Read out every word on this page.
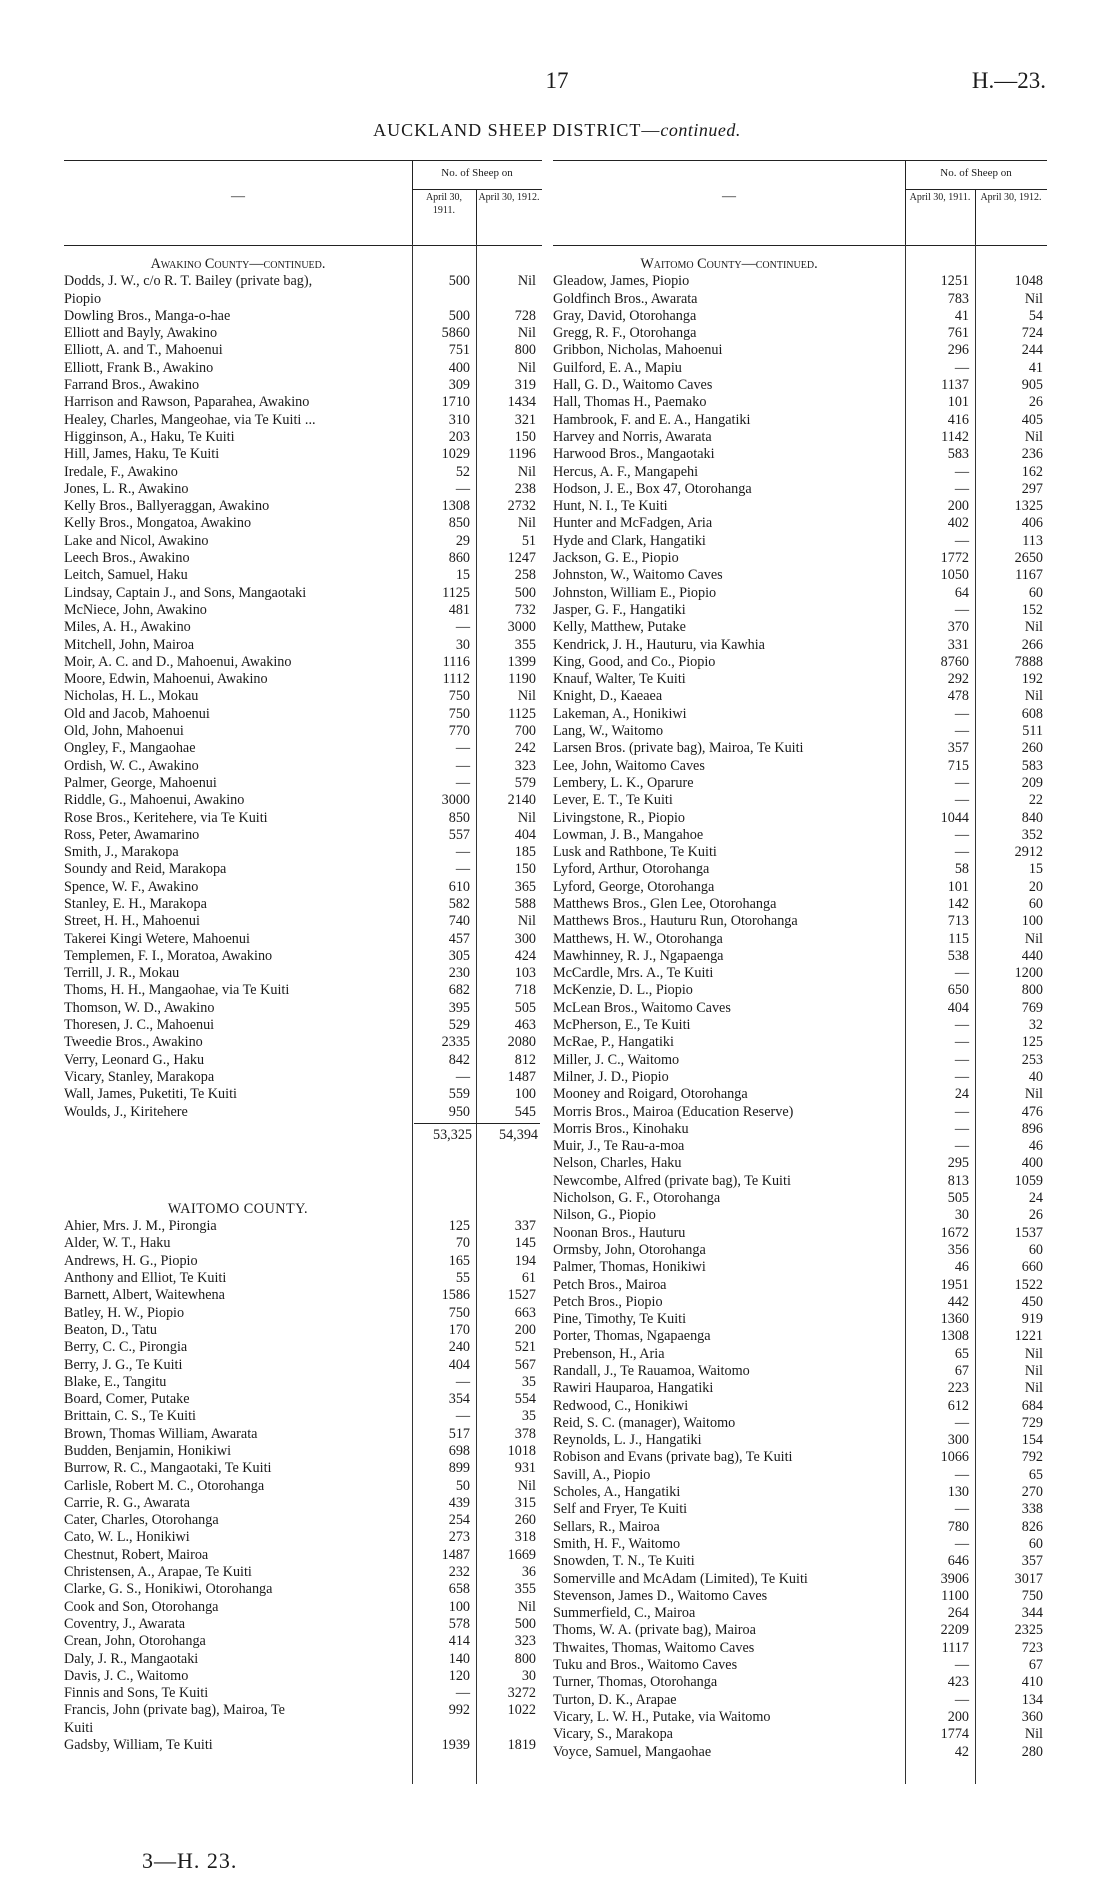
17	H.—23.
AUCKLAND SHEEP DISTRICT—continued.
—
No. of Sheep on
April 30, 1911.
April 30, 1912.
Awakino County—continued.
Dodds, J. W., c/o R. T. Bailey (private bag),	500	Nil
Piopio
Dowling Bros., Manga-o-hae	500	728
Elliott and Bayly, Awakino	5860	Nil
Elliott, A. and T., Mahoenui	751	800
Elliott, Frank B., Awakino	400	Nil
Farrand Bros., Awakino	309	319
Harrison and Rawson, Paparahea, Awakino	1710	1434
Healey, Charles, Mangeohae, via Te Kuiti ...	310	321
Higginson, A., Haku, Te Kuiti	203	150
Hill, James, Haku, Te Kuiti	1029	1196
Iredale, F., Awakino	52	Nil
Jones, L. R., Awakino	—	238
Kelly Bros., Ballyeraggan, Awakino	1308	2732
Kelly Bros., Mongatoa, Awakino	850	Nil
Lake and Nicol, Awakino	29	51
Leech Bros., Awakino	860	1247
Leitch, Samuel, Haku	15	258
Lindsay, Captain J., and Sons, Mangaotaki	1125	500
McNiece, John, Awakino	481	732
Miles, A. H., Awakino	—	3000
Mitchell, John, Mairoa	30	355
Moir, A. C. and D., Mahoenui, Awakino	1116	1399
Moore, Edwin, Mahoenui, Awakino	1112	1190
Nicholas, H. L., Mokau	750	Nil
Old and Jacob, Mahoenui	750	1125
Old, John, Mahoenui	770	700
Ongley, F., Mangaohae	—	242
Ordish, W. C., Awakino	—	323
Palmer, George, Mahoenui	—	579
Riddle, G., Mahoenui, Awakino	3000	2140
Rose Bros., Keritehere, via Te Kuiti	850	Nil
Ross, Peter, Awamarino	557	404
Smith, J., Marakopa	—	185
Soundy and Reid, Marakopa	—	150
Spence, W. F., Awakino	610	365
Stanley, E. H., Marakopa	582	588
Street, H. H., Mahoenui	740	Nil
Takerei Kingi Wetere, Mahoenui	457	300
Templemen, F. I., Moratoa, Awakino	305	424
Terrill, J. R., Mokau	230	103
Thoms, H. H., Mangaohae, via Te Kuiti	682	718
Thomson, W. D., Awakino	395	505
Thoresen, J. C., Mahoenui	529	463
Tweedie Bros., Awakino	2335	2080
Verry, Leonard G., Haku	842	812
Vicary, Stanley, Marakopa	—	1487
Wall, James, Puketiti, Te Kuiti	559	100
Woulds, J., Kiritehere	950	545
53,325	54,394
WAITOMO COUNTY.
Ahier, Mrs. J. M., Pirongia	125	337
Alder, W. T., Haku	70	145
Andrews, H. G., Piopio	165	194
Anthony and Elliot, Te Kuiti	55	61
Barnett, Albert, Waitewhena	1586	1527
Batley, H. W., Piopio	750	663
Beaton, D., Tatu	170	200
Berry, C. C., Pirongia	240	521
Berry, J. G., Te Kuiti	404	567
Blake, E., Tangitu	—	35
Board, Comer, Putake	354	554
Brittain, C. S., Te Kuiti	—	35
Brown, Thomas William, Awarata	517	378
Budden, Benjamin, Honikiwi	698	1018
Burrow, R. C., Mangaotaki, Te Kuiti	899	931
Carlisle, Robert M. C., Otorohanga	50	Nil
Carrie, R. G., Awarata	439	315
Cater, Charles, Otorohanga	254	260
Cato, W. L., Honikiwi	273	318
Chestnut, Robert, Mairoa	1487	1669
Christensen, A., Arapae, Te Kuiti	232	36
Clarke, G. S., Honikiwi, Otorohanga	658	355
Cook and Son, Otorohanga	100	Nil
Coventry, J., Awarata	578	500
Crean, John, Otorohanga	414	323
Daly, J. R., Mangaotaki	140	800
Davis, J. C., Waitomo	120	30
Finnis and Sons, Te Kuiti	—	3272
Francis, John (private bag), Mairoa, Te	992	1022
Kuiti
Gadsby, William, Te Kuiti	1939	1819
—
No. of Sheep on
April 30, 1911.	April 30, 1912.
Waitomo County—continued.
Gleadow, James, Piopio	1251	1048
Goldfinch Bros., Awarata	783	Nil
Gray, David, Otorohanga	41	54
Gregg, R. F., Otorohanga	761	724
Gribbon, Nicholas, Mahoenui	296	244
Guilford, E. A., Mapiu	—	41
Hall, G. D., Waitomo Caves	1137	905
Hall, Thomas H., Paemako	101	26
Hambrook, F. and E. A., Hangatiki	416	405
Harvey and Norris, Awarata	1142	Nil
Harwood Bros., Mangaotaki	583	236
Hercus, A. F., Mangapehi	—	162
Hodson, J. E., Box 47, Otorohanga	—	297
Hunt, N. I., Te Kuiti	200	1325
Hunter and McFadgen, Aria	402	406
Hyde and Clark, Hangatiki	—	113
Jackson, G. E., Piopio	1772	2650
Johnston, W., Waitomo Caves	1050	1167
Johnston, William E., Piopio	64	60
Jasper, G. F., Hangatiki	—	152
Kelly, Matthew, Putake	370	Nil
Kendrick, J. H., Hauturu, via Kawhia	331	266
King, Good, and Co., Piopio	8760	7888
Knauf, Walter, Te Kuiti	292	192
Knight, D., Kaeaea	478	Nil
Lakeman, A., Honikiwi	—	608
Lang, W., Waitomo	—	511
Larsen Bros. (private bag), Mairoa, Te Kuiti	357	260
Lee, John, Waitomo Caves	715	583
Lembery, L. K., Oparure	—	209
Lever, E. T., Te Kuiti	—	22
Livingstone, R., Piopio	1044	840
Lowman, J. B., Mangahoe	—	352
Lusk and Rathbone, Te Kuiti	—	2912
Lyford, Arthur, Otorohanga	58	15
Lyford, George, Otorohanga	101	20
Matthews Bros., Glen Lee, Otorohanga	142	60
Matthews Bros., Hauturu Run, Otorohanga	713	100
Matthews, H. W., Otorohanga	115	Nil
Mawhinney, R. J., Ngapaenga	538	440
McCardle, Mrs. A., Te Kuiti	—	1200
McKenzie, D. L., Piopio	650	800
McLean Bros., Waitomo Caves	404	769
McPherson, E., Te Kuiti	—	32
McRae, P., Hangatiki	—	125
Miller, J. C., Waitomo	—	253
Milner, J. D., Piopio	—	40
Mooney and Roigard, Otorohanga	24	Nil
Morris Bros., Mairoa (Education Reserve)	—	476
Morris Bros., Kinohaku	—	896
Muir, J., Te Rau-a-moa	—	46
Nelson, Charles, Haku	295	400
Newcombe, Alfred (private bag), Te Kuiti	813	1059
Nicholson, G. F., Otorohanga	505	24
Nilson, G., Piopio	30	26
Noonan Bros., Hauturu	1672	1537
Ormsby, John, Otorohanga	356	60
Palmer, Thomas, Honikiwi	46	660
Petch Bros., Mairoa	1951	1522
Petch Bros., Piopio	442	450
Pine, Timothy, Te Kuiti	1360	919
Porter, Thomas, Ngapaenga	1308	1221
Prebenson, H., Aria	65	Nil
Randall, J., Te Rauamoa, Waitomo	67	Nil
Rawiri Hauparoa, Hangatiki	223	Nil
Redwood, C., Honikiwi	612	684
Reid, S. C. (manager), Waitomo	—	729
Reynolds, L. J., Hangatiki	300	154
Robison and Evans (private bag), Te Kuiti	1066	792
Savill, A., Piopio	—	65
Scholes, A., Hangatiki	130	270
Self and Fryer, Te Kuiti	—	338
Sellars, R., Mairoa	780	826
Smith, H. F., Waitomo	—	60
Snowden, T. N., Te Kuiti	646	357
Somerville and McAdam (Limited), Te Kuiti	3906	3017
Stevenson, James D., Waitomo Caves	1100	750
Summerfield, C., Mairoa	264	344
Thoms, W. A. (private bag), Mairoa	2209	2325
Thwaites, Thomas, Waitomo Caves	1117	723
Tuku and Bros., Waitomo Caves	—	67
Turner, Thomas, Otorohanga	423	410
Turton, D. K., Arapae	—	134
Vicary, L. W. H., Putake, via Waitomo	200	360
Vicary, S., Marakopa	1774	Nil
Voyce, Samuel, Mangaohae	42	280
3—H. 23.
